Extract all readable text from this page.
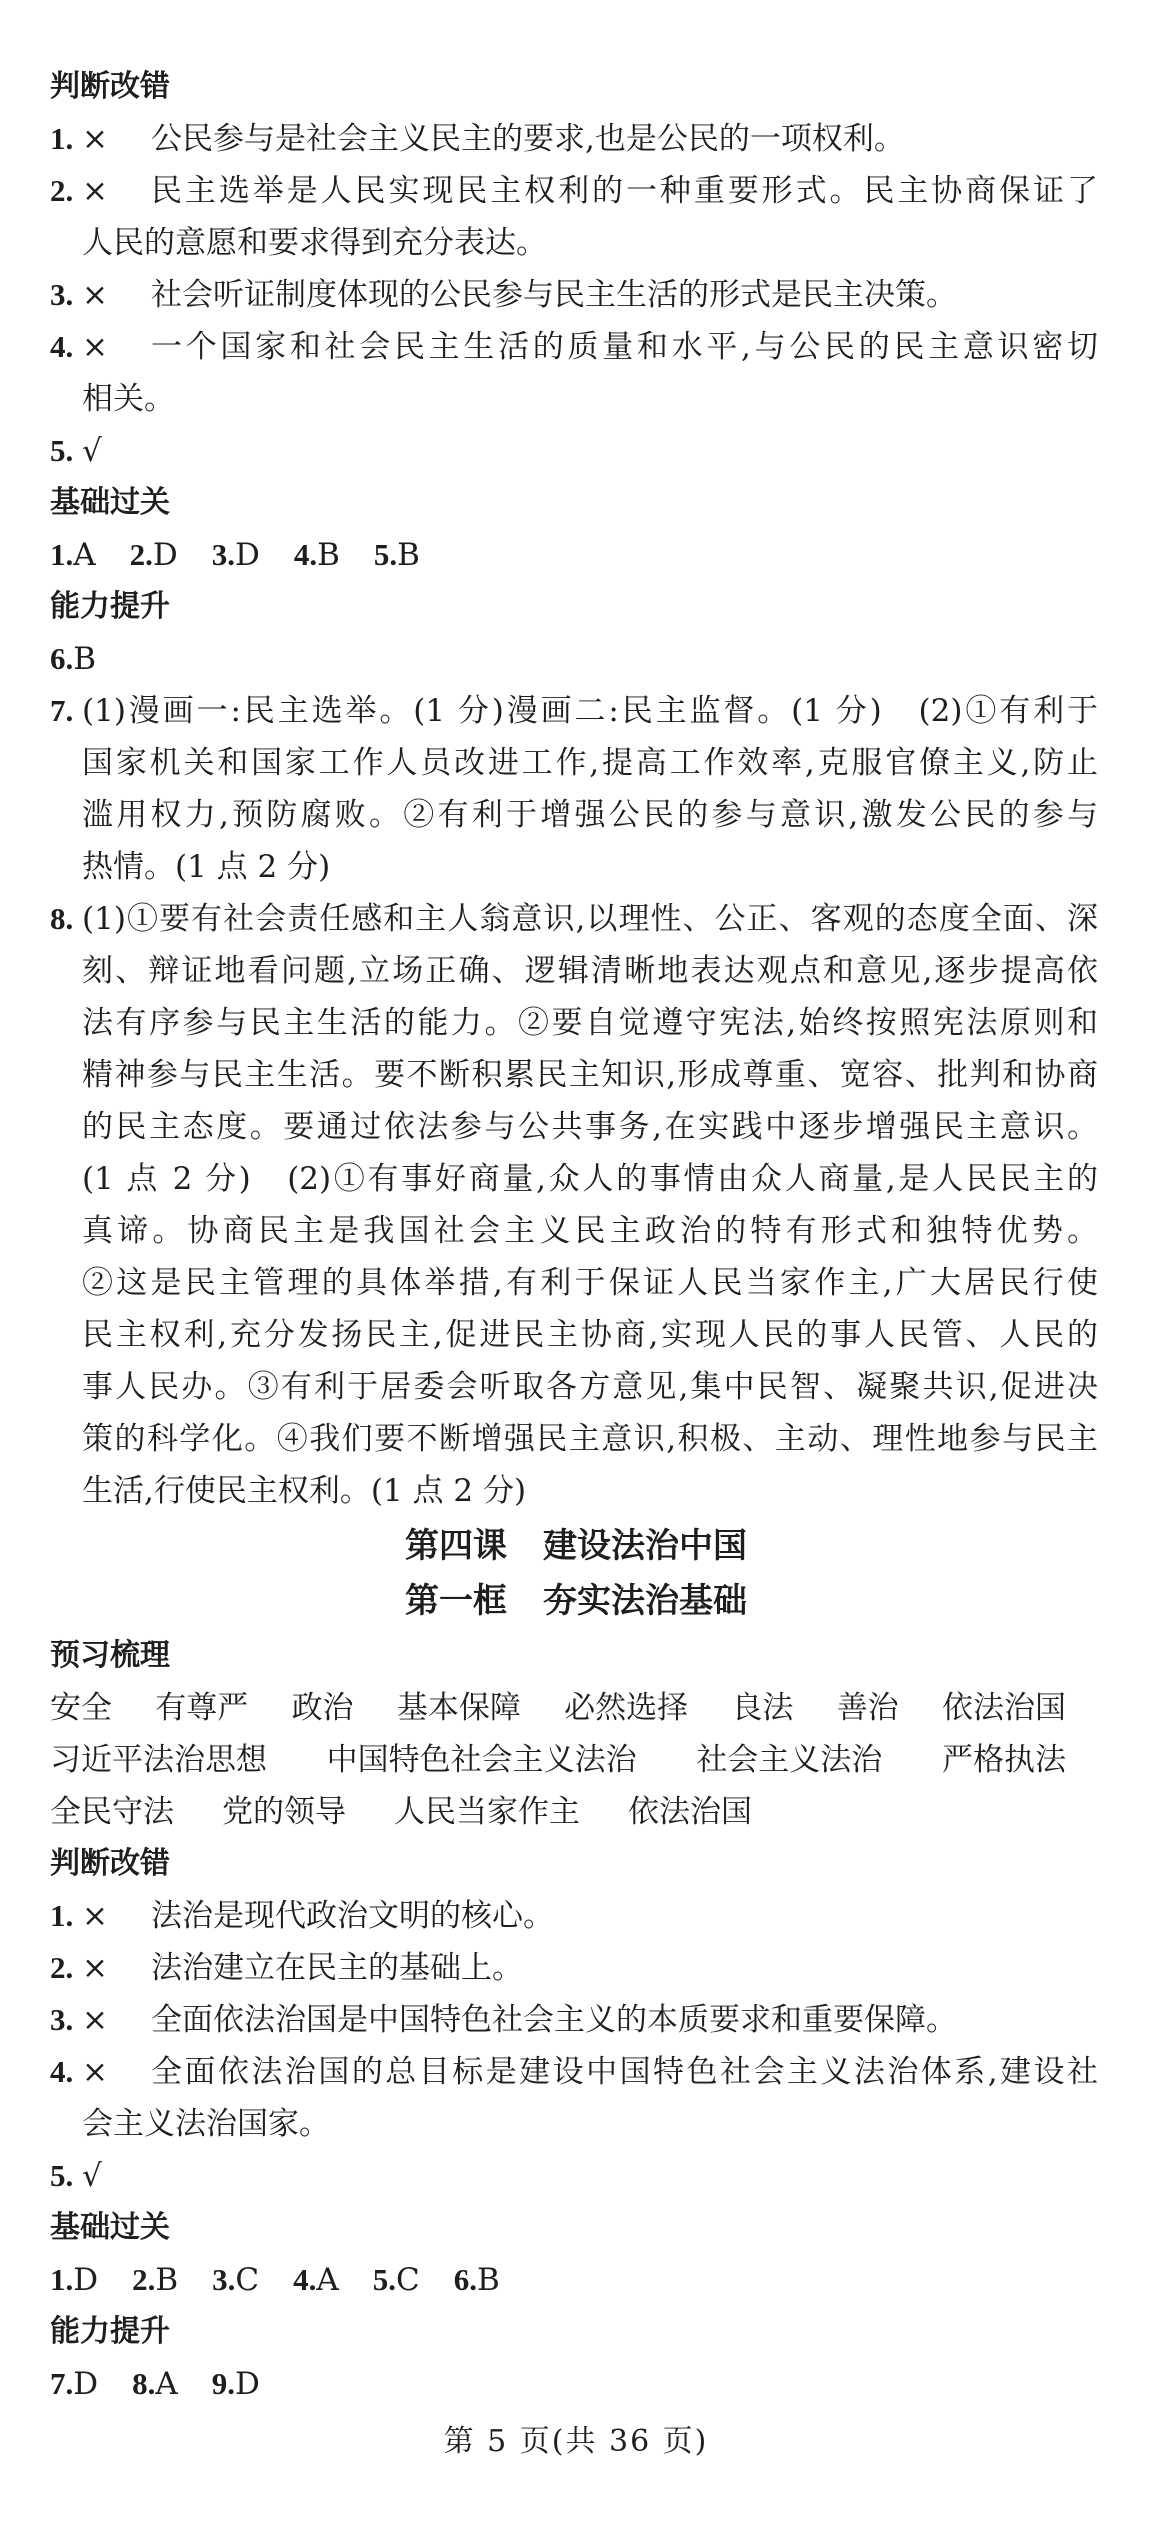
判断改错
1. ×	公民参与是社会主义民主的要求,也是公民的一项权利。
2. ×	民主选举是人民实现民主权利的一种重要形式。民主协商保证了
人民的意愿和要求得到充分表达。
3. ×	社会听证制度体现的公民参与民主生活的形式是民主决策。
4. ×	一个国家和社会民主生活的质量和水平,与公民的民主意识密切
相关。
5. √
基础过关
1.A 2.D 3.D 4.B 5.B
能力提升
6. B
7. (1)漫画一:民主选举。(1 分)漫画二:民主监督。(1 分)　(2)①有利于
国家机关和国家工作人员改进工作,提高工作效率,克服官僚主义,防止
滥用权力,预防腐败。②有利于增强公民的参与意识,激发公民的参与
热情。(1 点 2 分)
8. (1)①要有社会责任感和主人翁意识,以理性、公正、客观的态度全面、深
刻、辩证地看问题,立场正确、逻辑清晰地表达观点和意见,逐步提高依
法有序参与民主生活的能力。②要自觉遵守宪法,始终按照宪法原则和
精神参与民主生活。要不断积累民主知识,形成尊重、宽容、批判和协商
的民主态度。要通过依法参与公共事务,在实践中逐步增强民主意识。
(1 点 2 分)　(2)①有事好商量,众人的事情由众人商量,是人民民主的
真谛。协商民主是我国社会主义民主政治的特有形式和独特优势。
②这是民主管理的具体举措,有利于保证人民当家作主,广大居民行使
民主权利,充分发扬民主,促进民主协商,实现人民的事人民管、人民的
事人民办。③有利于居委会听取各方意见,集中民智、凝聚共识,促进决
策的科学化。④我们要不断增强民主意识,积极、主动、理性地参与民主
生活,行使民主权利。(1 点 2 分)
第四课 建设法治中国
第一框 夯实法治基础
预习梳理
安全 有尊严 政治 基本保障 必然选择 良法 善治 依法治国
习近平法治思想 中国特色社会主义法治 社会主义法治 严格执法
全民守法 党的领导 人民当家作主 依法治国
判断改错
1. ×	法治是现代政治文明的核心。
2. ×	法治建立在民主的基础上。
3. ×	全面依法治国是中国特色社会主义的本质要求和重要保障。
4. ×	全面依法治国的总目标是建设中国特色社会主义法治体系,建设社
会主义法治国家。
5. √
基础过关
1.D 2.B 3.C 4.A 5.C 6.B
能力提升
7.D 8.A 9.D
第 5 页(共 36 页)
